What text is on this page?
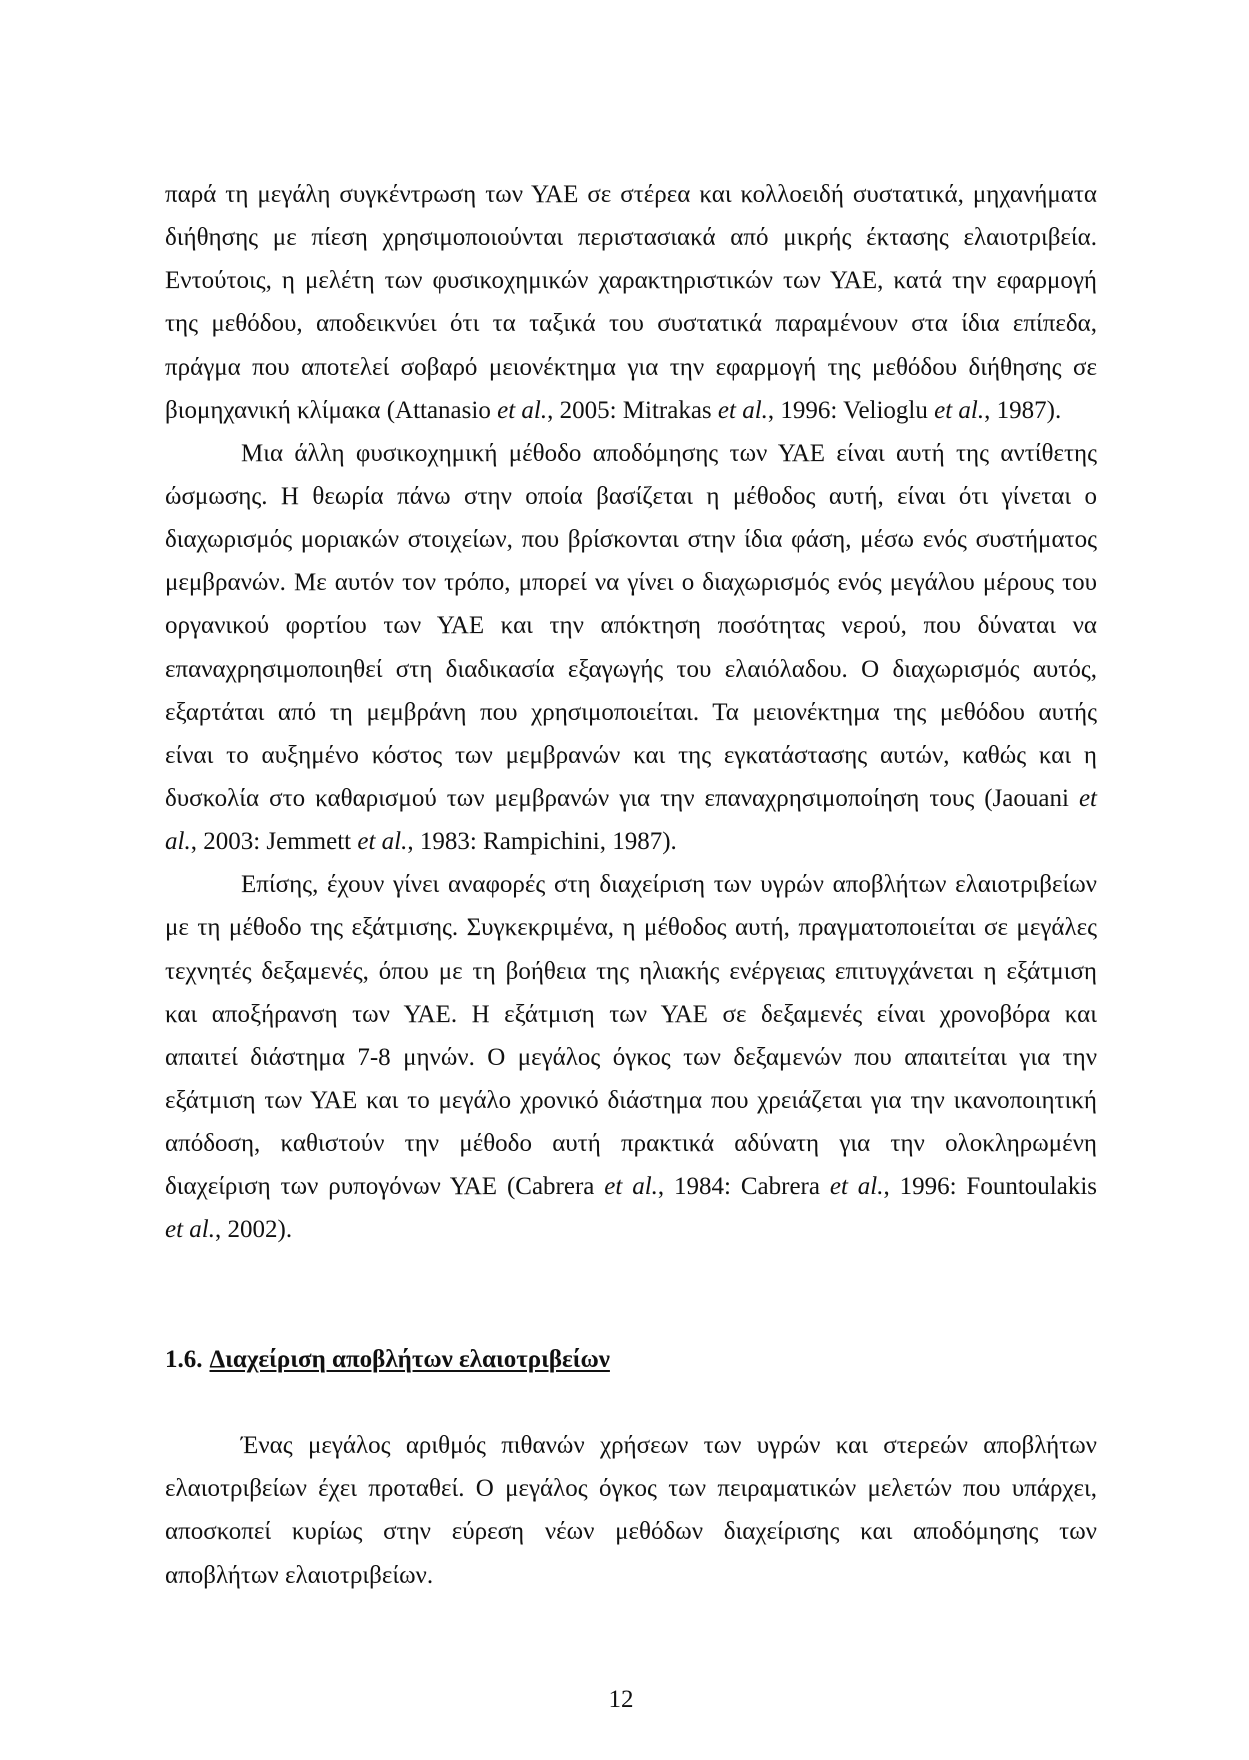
παρά τη μεγάλη συγκέντρωση των ΥΑΕ σε στέρεα και κολλοειδή συστατικά, μηχανήματα
διήθησης με πίεση χρησιμοποιούνται περιστασιακά από μικρής έκτασης ελαιοτριβεία.
Εντούτοις, η μελέτη των φυσικοχημικών χαρακτηριστικών των ΥΑΕ, κατά την εφαρμογή
της μεθόδου, αποδεικνύει ότι τα ταξικά του συστατικά παραμένουν στα ίδια επίπεδα,
πράγμα που αποτελεί σοβαρό μειονέκτημα για την εφαρμογή της μεθόδου διήθησης σε
βιομηχανική κλίμακα (Attanasio et al., 2005: Mitrakas et al., 1996: Velioglu et al., 1987).
Μια άλλη φυσικοχημική μέθοδο αποδόμησης των ΥΑΕ είναι αυτή της αντίθετης
ώσμωσης. Η θεωρία πάνω στην οποία βασίζεται η μέθοδος αυτή, είναι ότι γίνεται ο
διαχωρισμός μοριακών στοιχείων, που βρίσκονται στην ίδια φάση, μέσω ενός συστήματος
μεμβρανών. Με αυτόν τον τρόπο, μπορεί να γίνει ο διαχωρισμός ενός μεγάλου μέρους του
οργανικού φορτίου των ΥΑΕ και την απόκτηση ποσότητας νερού, που δύναται να
επαναχρησιμοποιηθεί στη διαδικασία εξαγωγής του ελαιόλαδου. Ο διαχωρισμός αυτός,
εξαρτάται από τη μεμβράνη που χρησιμοποιείται. Τα μειονέκτημα της μεθόδου αυτής
είναι το αυξημένο κόστος των μεμβρανών και της εγκατάστασης αυτών, καθώς και η
δυσκολία στο καθαρισμού των μεμβρανών για την επαναχρησιμοποίηση τους (Jaouani et
al., 2003: Jemmett et al., 1983: Rampichini, 1987).
Επίσης, έχουν γίνει αναφορές στη διαχείριση των υγρών αποβλήτων ελαιοτριβείων
με τη μέθοδο της εξάτμισης. Συγκεκριμένα, η μέθοδος αυτή, πραγματοποιείται σε μεγάλες
τεχνητές δεξαμενές, όπου με τη βοήθεια της ηλιακής ενέργειας επιτυγχάνεται η εξάτμιση
και αποξήρανση των ΥΑΕ. Η εξάτμιση των ΥΑΕ σε δεξαμενές είναι χρονοβόρα και
απαιτεί διάστημα 7-8 μηνών. Ο μεγάλος όγκος των δεξαμενών που απαιτείται για την
εξάτμιση των ΥΑΕ και το μεγάλο χρονικό διάστημα που χρειάζεται για την ικανοποιητική
απόδοση, καθιστούν την μέθοδο αυτή πρακτικά αδύνατη για την ολοκληρωμένη
διαχείριση των ρυπογόνων ΥΑΕ (Cabrera et al., 1984: Cabrera et al., 1996: Fountoulakis
et al., 2002).
1.6. Διαχείριση αποβλήτων ελαιοτριβείων
Ένας μεγάλος αριθμός πιθανών χρήσεων των υγρών και στερεών αποβλήτων
ελαιοτριβείων έχει προταθεί. Ο μεγάλος όγκος των πειραματικών μελετών που υπάρχει,
αποσκοπεί κυρίως στην εύρεση νέων μεθόδων διαχείρισης και αποδόμησης των
αποβλήτων ελαιοτριβείων.
12
